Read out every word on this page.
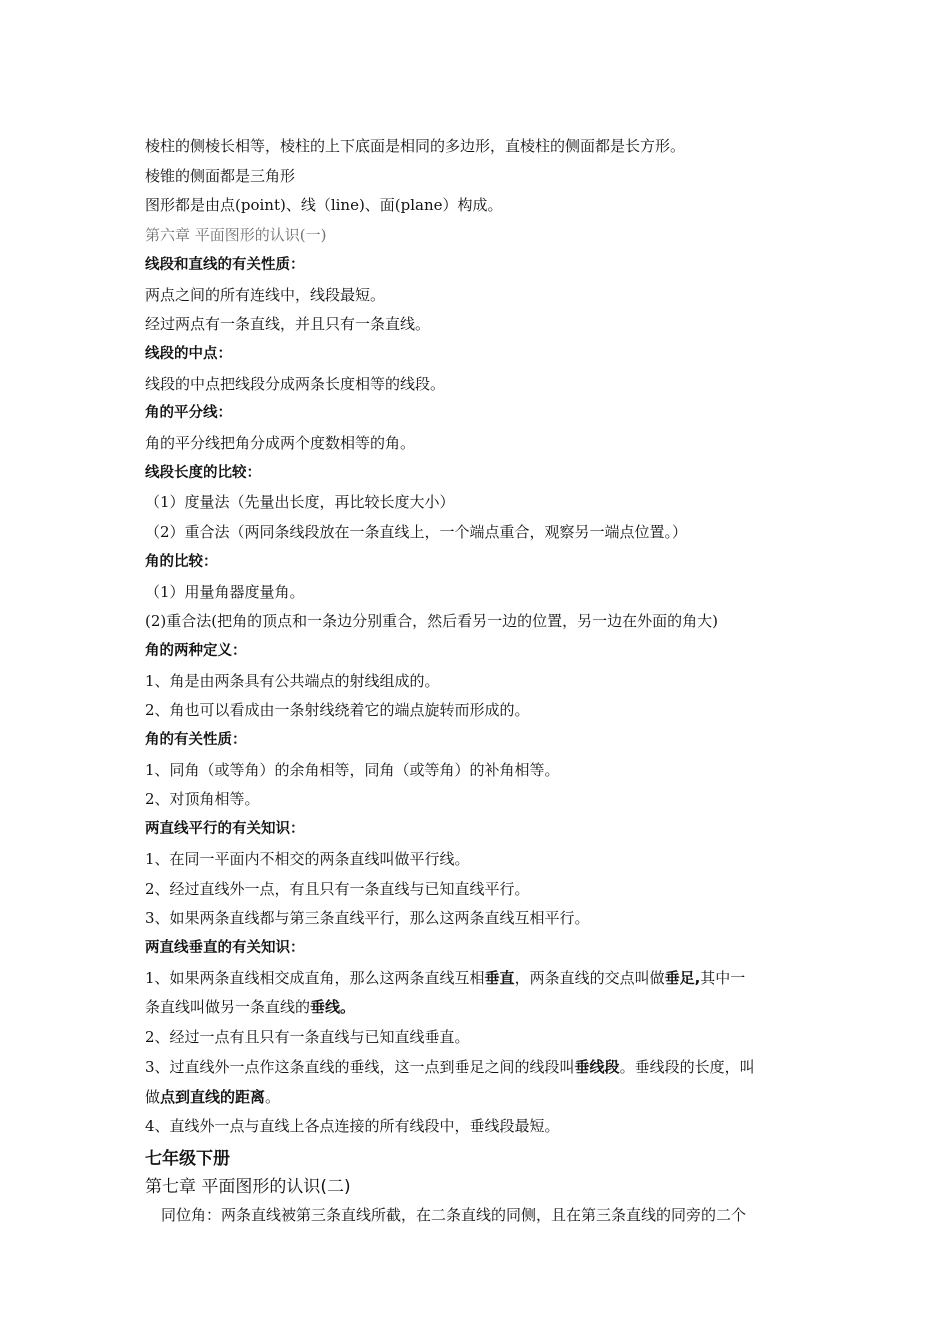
棱柱的侧棱长相等，棱柱的上下底面是相同的多边形，直棱柱的侧面都是长方形。
棱锥的侧面都是三角形
图形都是由点(point)、线（line)、面(plane）构成。
第六章 平面图形的认识(一)
线段和直线的有关性质：
两点之间的所有连线中，线段最短。
经过两点有一条直线，并且只有一条直线。
线段的中点：
线段的中点把线段分成两条长度相等的线段。
角的平分线：
角的平分线把角分成两个度数相等的角。
线段长度的比较：
（1）度量法（先量出长度，再比较长度大小）
（2）重合法（两同条线段放在一条直线上，一个端点重合，观察另一端点位置。）
角的比较：
（1）用量角器度量角。
(2)重合法(把角的顶点和一条边分别重合，然后看另一边的位置，另一边在外面的角大)
角的两种定义：
1、角是由两条具有公共端点的射线组成的。
2、角也可以看成由一条射线绕着它的端点旋转而形成的。
角的有关性质：
1、同角（或等角）的余角相等，同角（或等角）的补角相等。
2、对顶角相等。
两直线平行的有关知识：
1、在同一平面内不相交的两条直线叫做平行线。
2、经过直线外一点，有且只有一条直线与已知直线平行。
3、如果两条直线都与第三条直线平行，那么这两条直线互相平行。
两直线垂直的有关知识：
1、如果两条直线相交成直角，那么这两条直线互相垂直，两条直线的交点叫做垂足,其中一
条直线叫做另一条直线的垂线。
2、经过一点有且只有一条直线与已知直线垂直。
3、过直线外一点作这条直线的垂线，这一点到垂足之间的线段叫垂线段。垂线段的长度，叫
做点到直线的距离。
4、直线外一点与直线上各点连接的所有线段中，垂线段最短。
七年级下册
第七章 平面图形的认识(二)
同位角：两条直线被第三条直线所截，在二条直线的同侧，且在第三条直线的同旁的二个
